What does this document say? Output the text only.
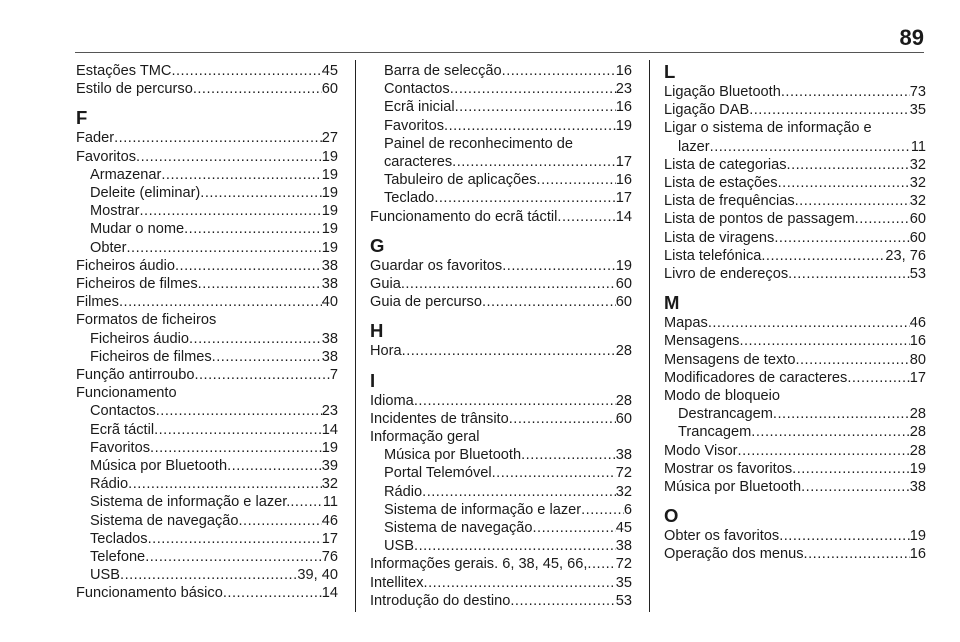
89
Estações TMC .....	45
Estilo de percurso .....	60
F
Fader .....	27
Favoritos .....	19
Armazenar .....	19
Deleite (eliminar) .....	19
Mostrar .....	19
Mudar o nome .....	19
Obter .....	19
Ficheiros áudio .....	38
Ficheiros de filmes .....	38
Filmes .....	40
Formatos de ficheiros
Ficheiros áudio .....	38
Ficheiros de filmes .....	38
Função antirroubo .....	7
Funcionamento
Contactos .....	23
Ecrã táctil .....	14
Favoritos .....	19
Música por Bluetooth .....	39
Rádio .....	32
Sistema de informação e lazer. ..... 11
Sistema de navegação .....	46
Teclados .....	17
Telefone .....	76
USB .....	39, 40
Funcionamento básico .....	14
Barra de selecção .....	16
Contactos .....	23
Ecrã inicial .....	16
Favoritos .....	19
Painel de reconhecimento de
caracteres .....	17
Tabuleiro de aplicações .....	16
Teclado .....	17
Funcionamento do ecrã táctil .....	14
G
Guardar os favoritos .....	19
Guia .....	60
Guia de percurso .....	60
H
Hora .....	28
I
Idioma .....	28
Incidentes de trânsito .....	60
Informação geral
Música por Bluetooth .....	38
Portal Telemóvel .....	72
Rádio .....	32
Sistema de informação e lazer .....	6
Sistema de navegação .....	45
USB .....	38
Informações gerais. 6, 38, 45, 66, ..... 72
Intellitex .....	35
Introdução do destino .....	53
L
Ligação Bluetooth .....	73
Ligação DAB .....	35
Ligar o sistema de informação e
lazer .....	11
Lista de categorias .....	32
Lista de estações .....	32
Lista de frequências .....	32
Lista de pontos de passagem .....	60
Lista de viragens .....	60
Lista telefónica .....	23, 76
Livro de endereços .....	53
M
Mapas .....	46
Mensagens .....	16
Mensagens de texto .....	80
Modificadores de caracteres .....	17
Modo de bloqueio
Destrancagem .....	28
Trancagem .....	28
Modo Visor .....	28
Mostrar os favoritos .....	19
Música por Bluetooth .....	38
O
Obter os favoritos .....	19
Operação dos menus .....	16
